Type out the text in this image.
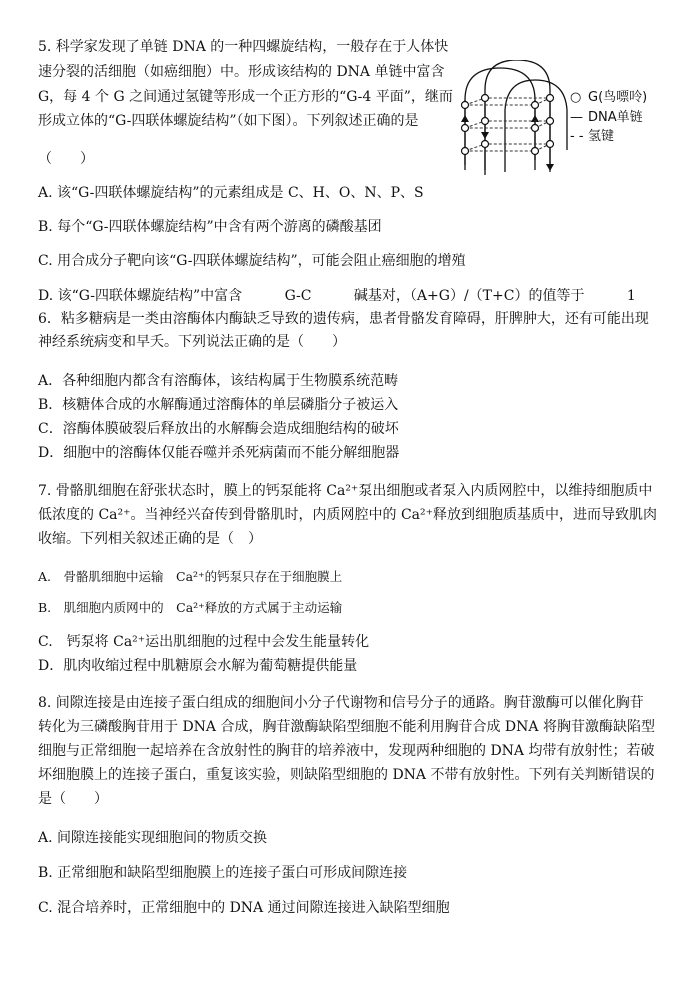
5. 科学家发现了单链 DNA 的一种四螺旋结构，一般存在于人体快
速分裂的活细胞（如癌细胞）中。形成该结构的 DNA 单链中富含
G，每 4 个 G 之间通过氢键等形成一个正方形的“G-4 平面”，继而
形成立体的“G-四联体螺旋结构”（如下图）。下列叙述正确的是
（　　）
○ G(鸟嘌呤)
— DNA单链
- - 氢键
A. 该“G-四联体螺旋结构”的元素组成是 C、H、O、N、P、S
B. 每个“G-四联体螺旋结构”中含有两个游离的磷酸基团
C. 用合成分子靶向该“G-四联体螺旋结构”，可能会阻止癌细胞的增殖
D. 该“G-四联体螺旋结构”中富含	G-C	碱基对，（A+G）/（T+C）的值等于	1
6．粘多糖病是一类由溶酶体内酶缺乏导致的遗传病，患者骨骼发育障碍，肝脾肿大，还有可能出现
神经系统病变和早夭。下列说法正确的是（　　）
A．各种细胞内都含有溶酶体，该结构属于生物膜系统范畴
B．核糖体合成的水解酶通过溶酶体的单层磷脂分子被运入
C．溶酶体膜破裂后释放出的水解酶会造成细胞结构的破坏
D．细胞中的溶酶体仅能吞噬并杀死病菌而不能分解细胞器
7. 骨骼肌细胞在舒张状态时，膜上的钙泵能将 Ca²⁺泵出细胞或者泵入内质网腔中，以维持细胞质中
低浓度的 Ca²⁺。当神经兴奋传到骨骼肌时，内质网腔中的 Ca²⁺释放到细胞质基质中，进而导致肌肉
收缩。下列相关叙述正确的是（　）
A.　骨骼肌细胞中运输　Ca²⁺的钙泵只存在于细胞膜上
B.　肌细胞内质网中的　Ca²⁺释放的方式属于主动运输
C.　钙泵将 Ca²⁺运出肌细胞的过程中会发生能量转化
D．肌肉收缩过程中肌糖原会水解为葡萄糖提供能量
8. 间隙连接是由连接子蛋白组成的细胞间小分子代谢物和信号分子的通路。胸苷激酶可以催化胸苷
转化为三磷酸胸苷用于 DNA 合成，胸苷激酶缺陷型细胞不能利用胸苷合成 DNA 将胸苷激酶缺陷型
细胞与正常细胞一起培养在含放射性的胸苷的培养液中，发现两种细胞的 DNA 均带有放射性；若破
坏细胞膜上的连接子蛋白，重复该实验，则缺陷型细胞的 DNA 不带有放射性。下列有关判断错误的
是（　　）
A. 间隙连接能实现细胞间的物质交换
B. 正常细胞和缺陷型细胞膜上的连接子蛋白可形成间隙连接
C. 混合培养时，正常细胞中的 DNA 通过间隙连接进入缺陷型细胞
